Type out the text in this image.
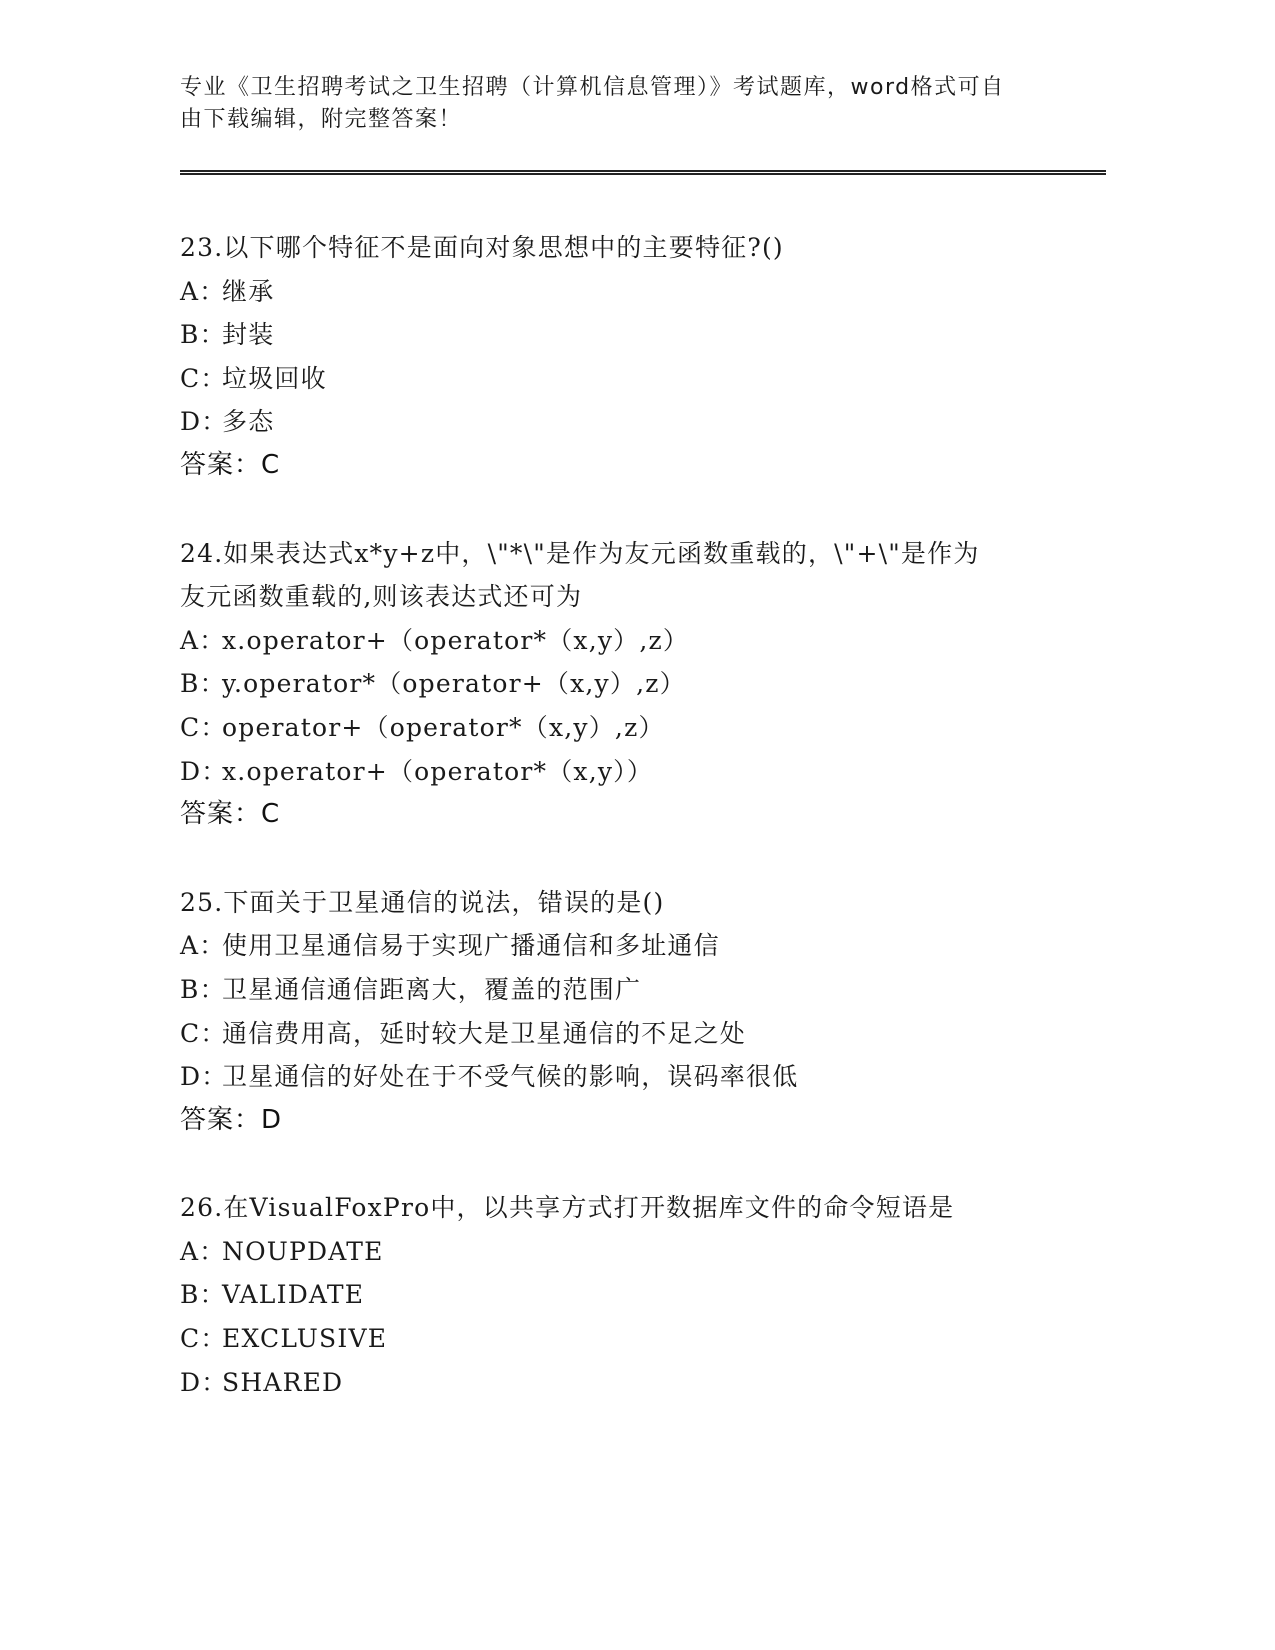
专业《卫生招聘考试之卫生招聘（计算机信息管理）》考试题库，word格式可自
由下载编辑，附完整答案！
23.以下哪个特征不是面向对象思想中的主要特征?()
A：继承
B：封装
C：垃圾回收
D：多态
答案：C
24.如果表达式x*y+z中，\"*\"是作为友元函数重载的，\"+\"是作为
友元函数重载的,则该表达式还可为
A：x.operator+（operator*（x,y）,z）
B：y.operator*（operator+（x,y）,z）
C：operator+（operator*（x,y）,z）
D：x.operator+（operator*（x,y））
答案：C
25.下面关于卫星通信的说法，错误的是()
A：使用卫星通信易于实现广播通信和多址通信
B：卫星通信通信距离大，覆盖的范围广
C：通信费用高，延时较大是卫星通信的不足之处
D：卫星通信的好处在于不受气候的影响，误码率很低
答案：D
26.在VisualFoxPro中，以共享方式打开数据库文件的命令短语是
A：NOUPDATE
B：VALIDATE
C：EXCLUSIVE
D：SHARED
